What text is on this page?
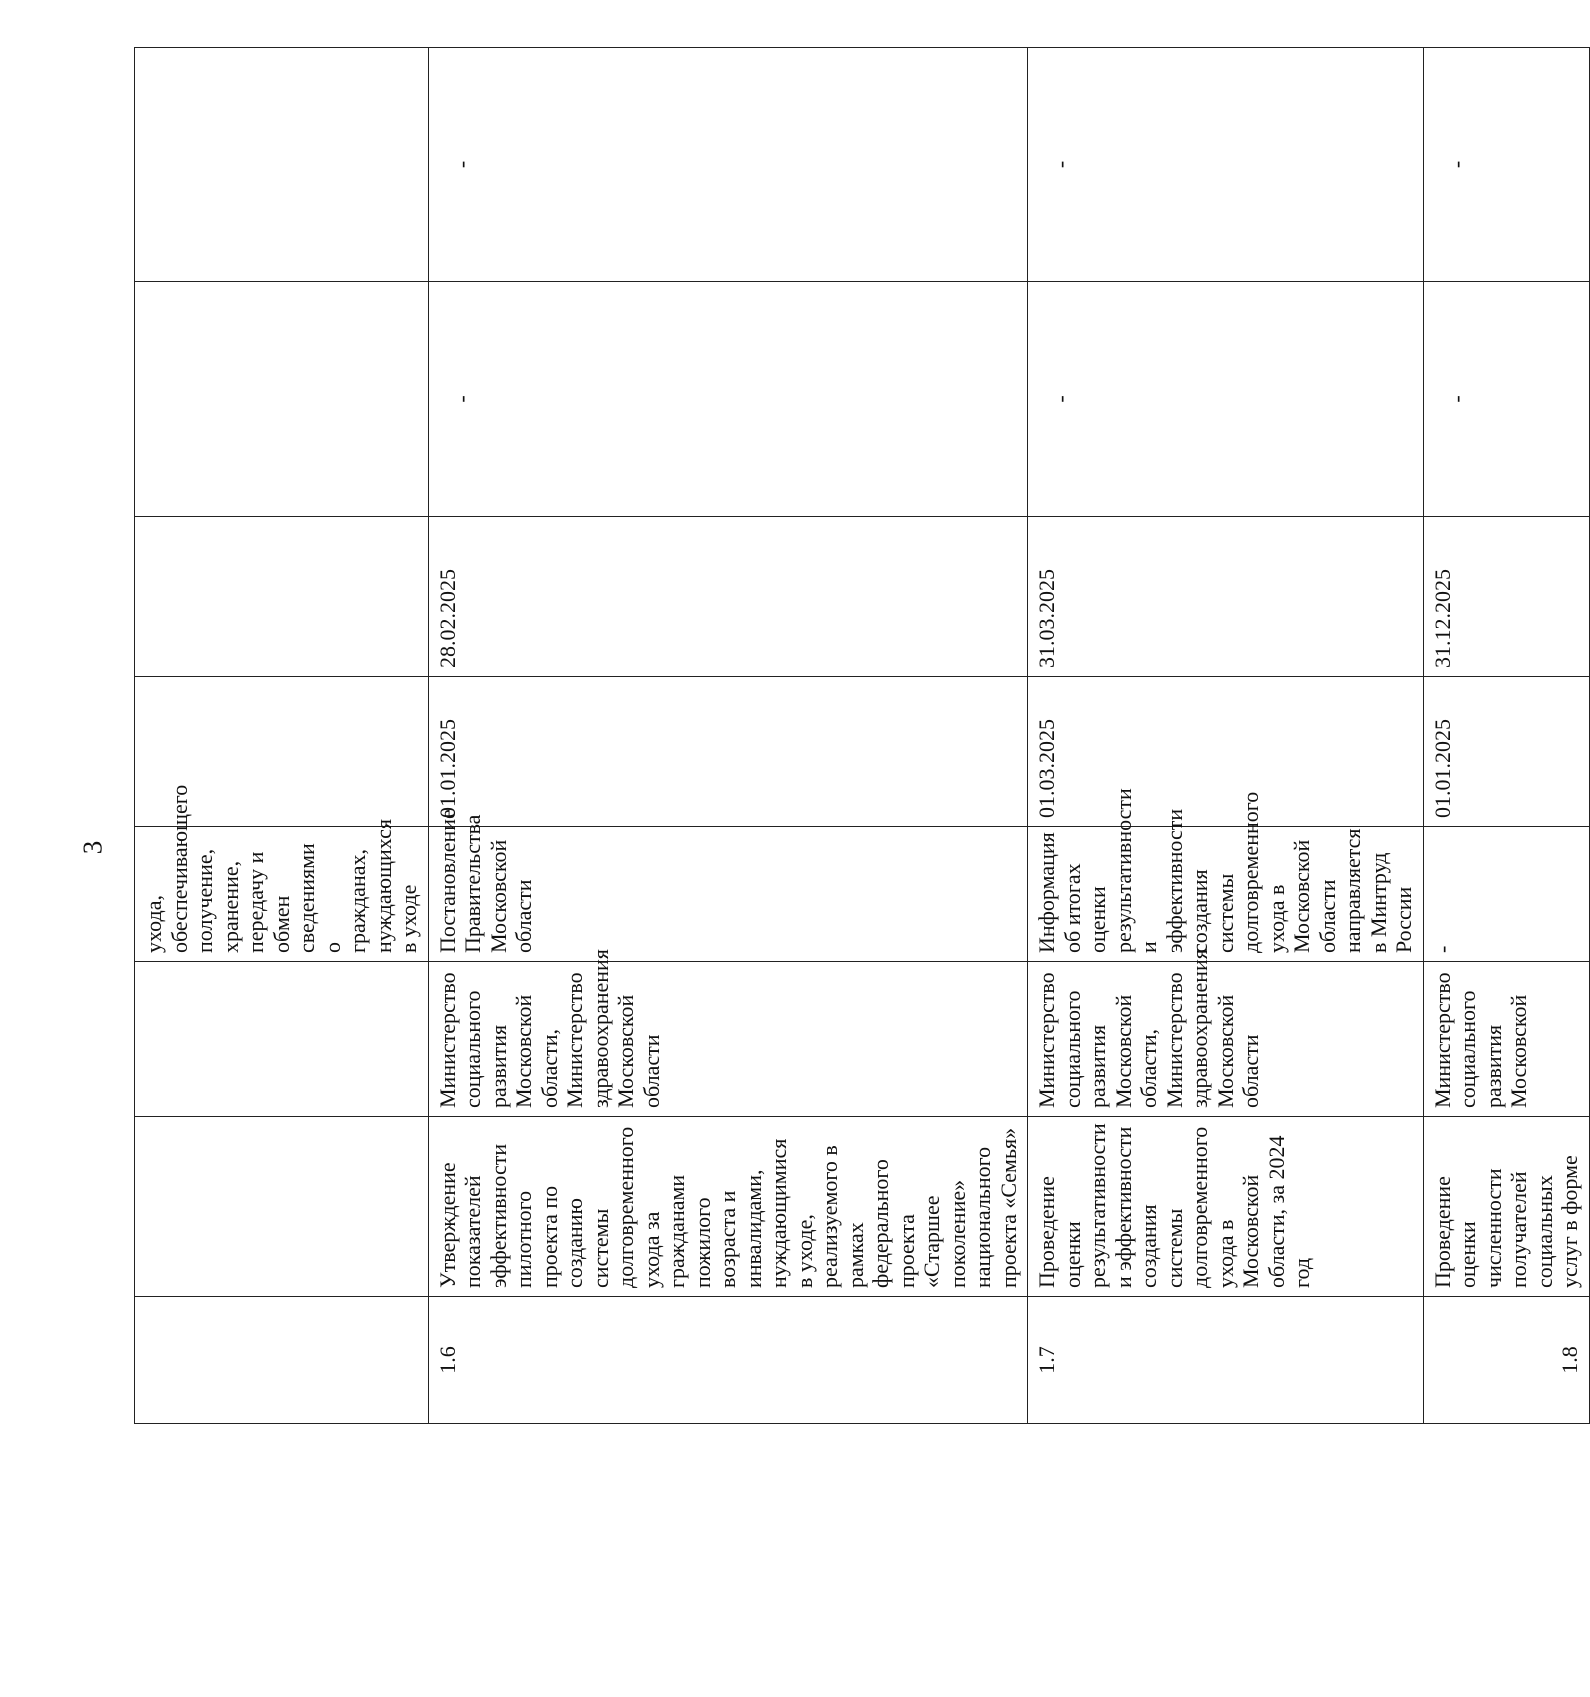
3
			ухода, обеспечивающего получение, хранение, передачу и обмен сведениями о гражданах, нуждающихся в уходе				
1.6	Утверждение показателей эффективности пилотного проекта по созданию системы долговременного ухода за гражданами пожилого возраста и инвалидами, нуждающимися в уходе, реализуемого в рамках федерального проекта «Старшее поколение» национального проекта «Семья»	Министерство социального развития Московской области, Министерство здравоохранения Московской области	Постановление Правительства Московской области	01.01.2025	28.02.2025	-	-

1.7	Проведение оценки результативности и эффективности создания системы долговременного ухода в Московской области, за 2024 год	Министерство социального развития Московской области, Министерство здравоохранения Московской области	Информация об итогах оценки результативности и эффективности создания системы долговременного ухода в Московской области направляется в Минтруд России	01.03.2025	31.03.2025	-	-

1.8	Проведение оценки численности получателей социальных услуг в форме	Министерство социального развития Московской	-	01.01.2025	31.12.2025	-	-
